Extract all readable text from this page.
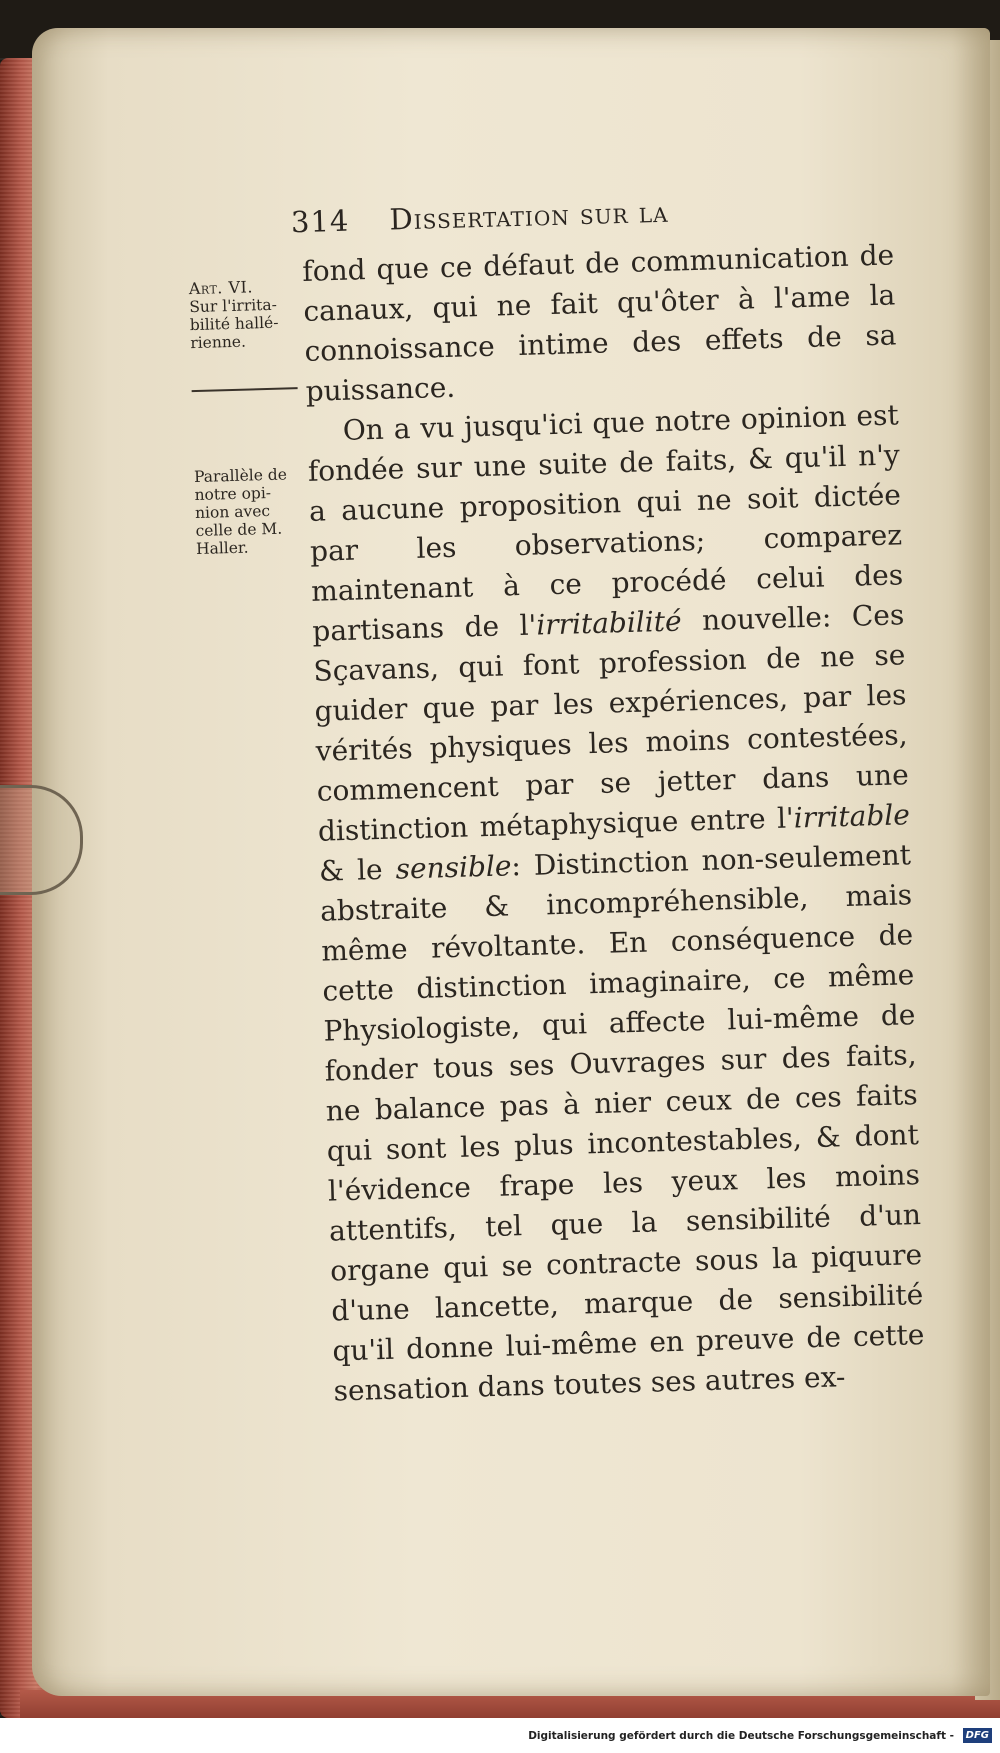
314 Dissertation sur la
Art. VI.
Sur l'irrita-
bilité hallé-
rienne.
Parallèle de
notre opi-
nion avec
celle de M.
Haller.

fond que ce défaut de communication de canaux, qui ne fait qu'ôter à l'ame la connoissance intime des effets de sa puissance.

On a vu jusqu'ici que notre opinion est fondée sur une suite de faits, & qu'il n'y a aucune proposition qui ne soit dictée par les observations; comparez maintenant à ce procédé celui des partisans de l'irritabilité nouvelle: Ces Sçavans, qui font profession de ne se guider que par les expériences, par les vérités physiques les moins contestées, commencent par se jetter dans une distinction métaphysique entre l'irritable & le sensible: Distinction non-seulement abstraite & incompréhensible, mais même révoltante. En conséquence de cette distinction imaginaire, ce même Physiologiste, qui affecte lui-même de fonder tous ses Ouvrages sur des faits, ne balance pas à nier ceux de ces faits qui sont les plus incontestables, & dont l'évidence frape les yeux les moins attentifs, tel que la sensibilité d'un organe qui se contracte sous la piquure d'une lancette, marque de sensibilité qu'il donne lui-même en preuve de cette sensation dans toutes ses autres ex-

Digitalisierung gefördert durch die Deutsche Forschungsgemeinschaft -	DFG
